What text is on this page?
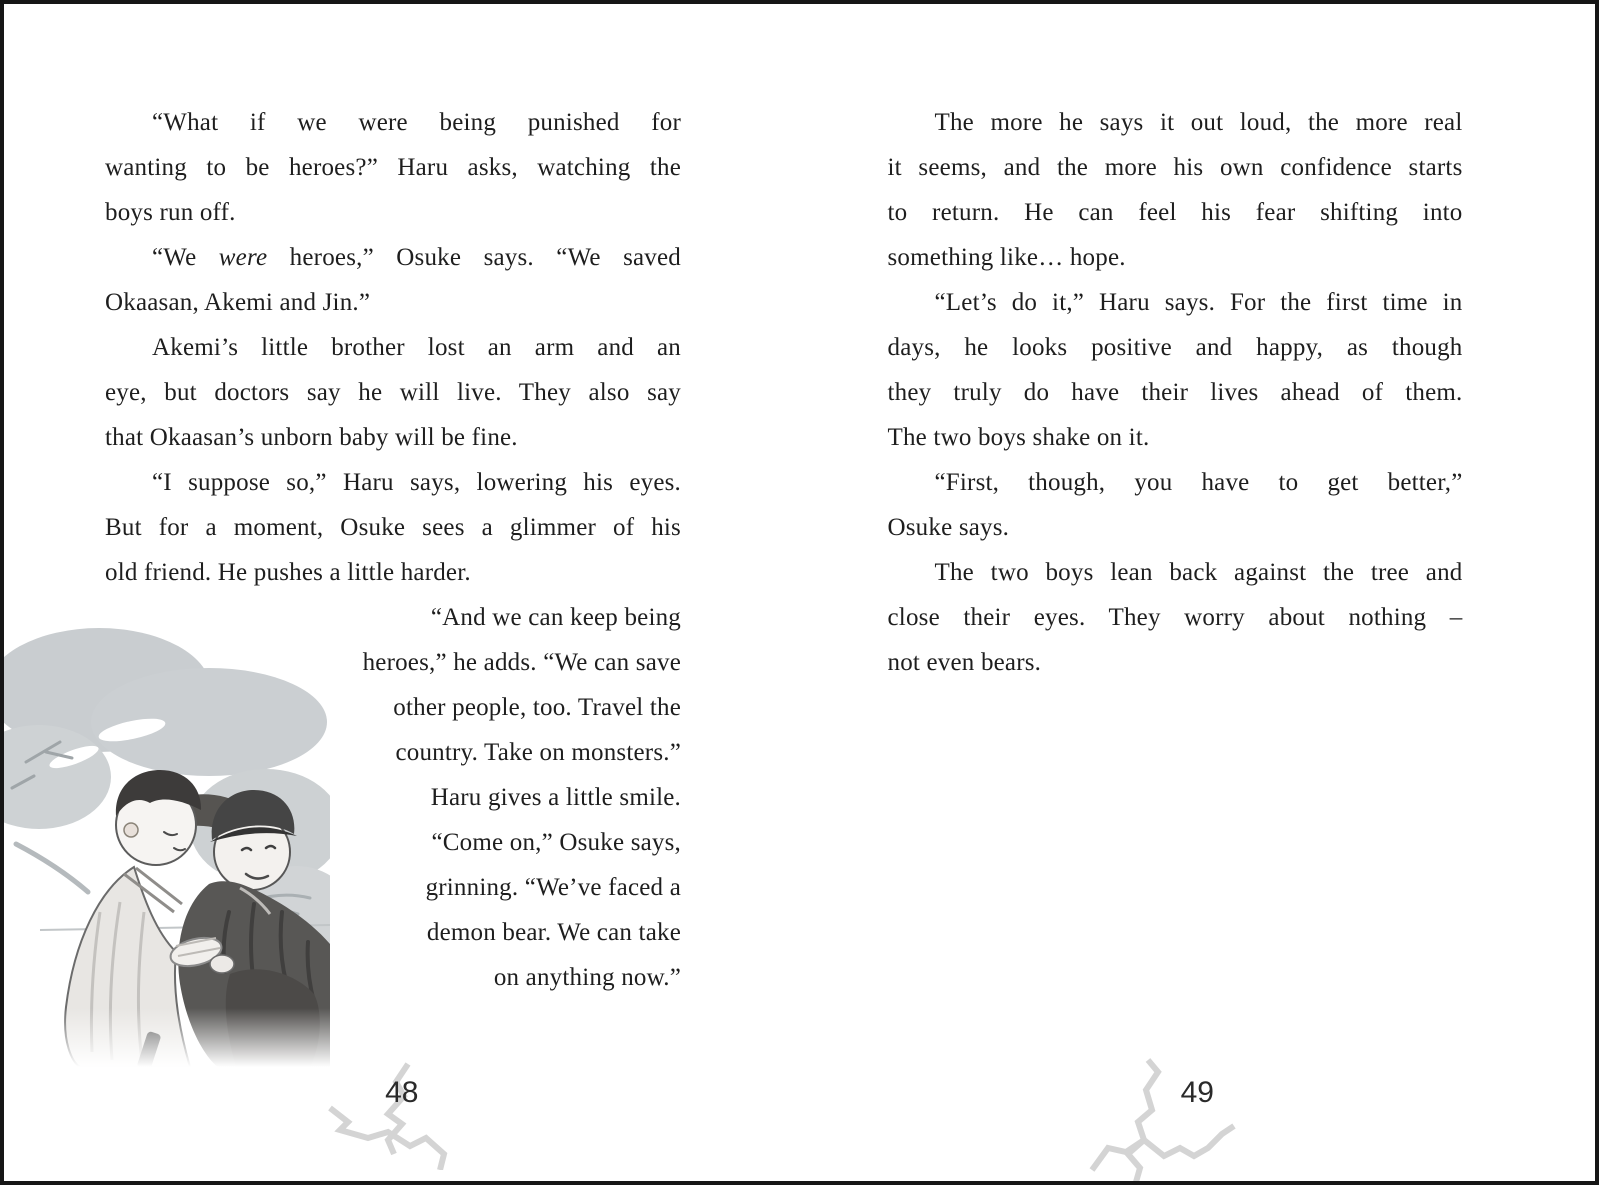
“What if we were being punished for
wanting to be heroes?” Haru asks, watching the
boys run off.
“We were heroes,” Osuke says. “We saved
Okaasan, Akemi and Jin.”
Akemi’s little brother lost an arm and an
eye, but doctors say he will live. They also say
that Okaasan’s unborn baby will be fine.
“I suppose so,” Haru says, lowering his eyes.
But for a moment, Osuke sees a glimmer of his
old friend. He pushes a little harder.
“And we can keep being
heroes,” he adds. “We can save
other people, too. Travel the
country. Take on monsters.”
Haru gives a little smile.
“Come on,” Osuke says,
grinning. “We’ve faced a
demon bear. We can take
on anything now.”
48
The more he says it out loud, the more real
it seems, and the more his own confidence starts
to return. He can feel his fear shifting into
something like… hope.
“Let’s do it,” Haru says. For the first time in
days, he looks positive and happy, as though
they truly do have their lives ahead of them.
The two boys shake on it.
“First, though, you have to get better,”
Osuke says.
The two boys lean back against the tree and
close their eyes. They worry about nothing –
not even bears.
49
